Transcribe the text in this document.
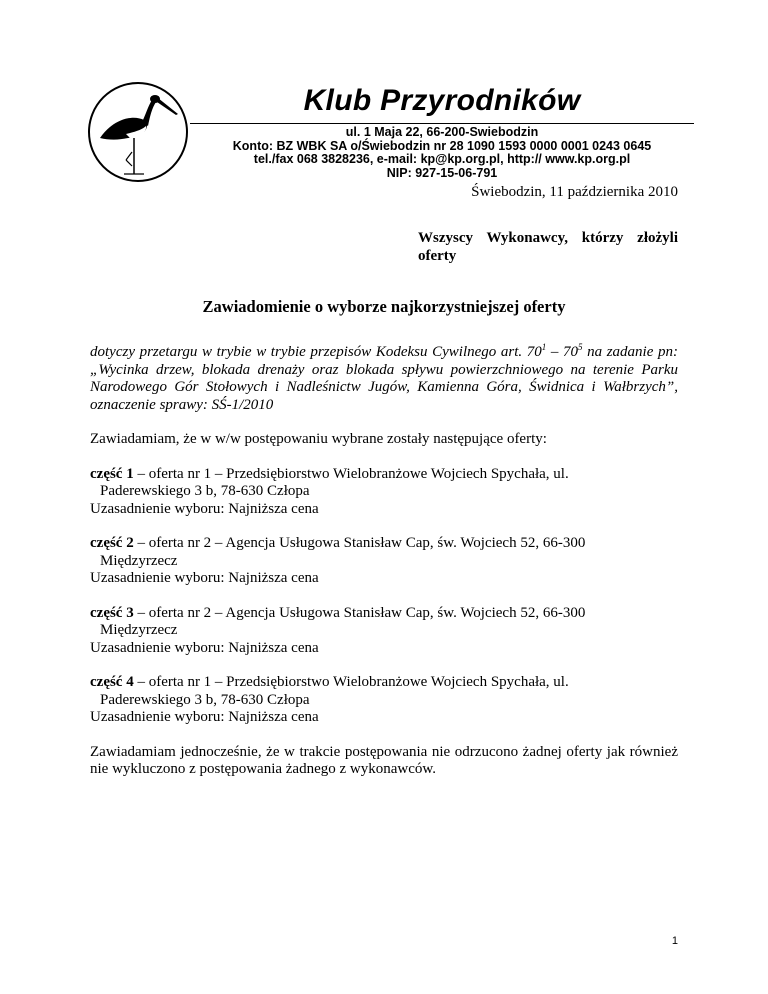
Klub Przyrodników
ul. 1 Maja 22, 66-200-Swiebodzin
Konto: BZ WBK SA o/Świebodzin nr 28 1090 1593 0000 0001 0243 0645
tel./fax 068 3828236, e-mail: kp@kp.org.pl, http:// www.kp.org.pl
NIP: 927-15-06-791
Świebodzin, 11 października 2010
Wszyscy Wykonawcy, którzy złożyli oferty
Zawiadomienie o wyborze najkorzystniejszej oferty

dotyczy przetargu w trybie w trybie przepisów Kodeksu Cywilnego art. $70^1 - 70^5$ na zadanie pn: „Wycinka drzew, blokada drenaży oraz blokada spływu powierzchniowego na terenie Parku Narodowego Gór Stołowych i Nadleśnictw Jugów, Kamienna Góra, Świdnica i Wałbrzych”, oznaczenie sprawy: SŚ-1/2010

Zawiadamiam, że w w/w postępowaniu wybrane zostały następujące oferty:

część 1 – oferta nr 1 – Przedsiębiorstwo Wielobranżowe Wojciech Spychała, ul.
Paderewskiego 3 b, 78-630 Człopa
Uzasadnienie wyboru: Najniższa cena
część 2 – oferta nr 2 – Agencja Usługowa Stanisław Cap, św. Wojciech 52, 66-300
Międzyrzecz
Uzasadnienie wyboru: Najniższa cena
część 3 – oferta nr 2 – Agencja Usługowa Stanisław Cap, św. Wojciech 52, 66-300
Międzyrzecz
Uzasadnienie wyboru: Najniższa cena
część 4 – oferta nr 1 – Przedsiębiorstwo Wielobranżowe Wojciech Spychała, ul.
Paderewskiego 3 b, 78-630 Człopa
Uzasadnienie wyboru: Najniższa cena

Zawiadamiam jednocześnie, że w trakcie postępowania nie odrzucono żadnej oferty jak również nie wykluczono z postępowania żadnego z wykonawców.

1
